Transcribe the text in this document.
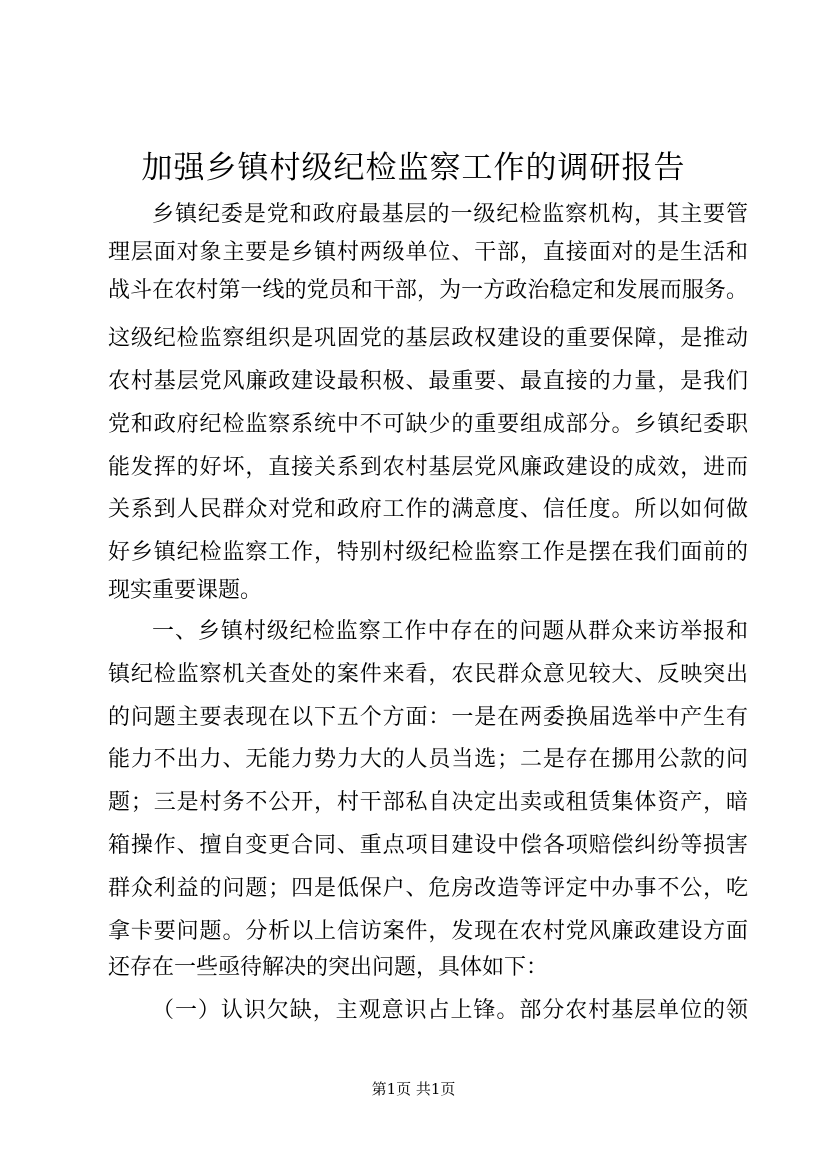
加强乡镇村级纪检监察工作的调研报告
乡镇纪委是党和政府最基层的一级纪检监察机构，其主要管
理层面对象主要是乡镇村两级单位、干部，直接面对的是生活和
战斗在农村第一线的党员和干部，为一方政治稳定和发展而服务。
这级纪检监察组织是巩固党的基层政权建设的重要保障，是推动
农村基层党风廉政建设最积极、最重要、最直接的力量，是我们
党和政府纪检监察系统中不可缺少的重要组成部分。乡镇纪委职
能发挥的好坏，直接关系到农村基层党风廉政建设的成效，进而
关系到人民群众对党和政府工作的满意度、信任度。所以如何做
好乡镇纪检监察工作，特别村级纪检监察工作是摆在我们面前的
现实重要课题。
一、乡镇村级纪检监察工作中存在的问题从群众来访举报和
镇纪检监察机关查处的案件来看，农民群众意见较大、反映突出
的问题主要表现在以下五个方面：一是在两委换届选举中产生有
能力不出力、无能力势力大的人员当选；二是存在挪用公款的问
题；三是村务不公开，村干部私自决定出卖或租赁集体资产，暗
箱操作、擅自变更合同、重点项目建设中偿各项赔偿纠纷等损害
群众利益的问题；四是低保户、危房改造等评定中办事不公，吃
拿卡要问题。分析以上信访案件，发现在农村党风廉政建设方面
还存在一些亟待解决的突出问题，具体如下：
（一）认识欠缺，主观意识占上锋。部分农村基层单位的领
第1页 共1页
